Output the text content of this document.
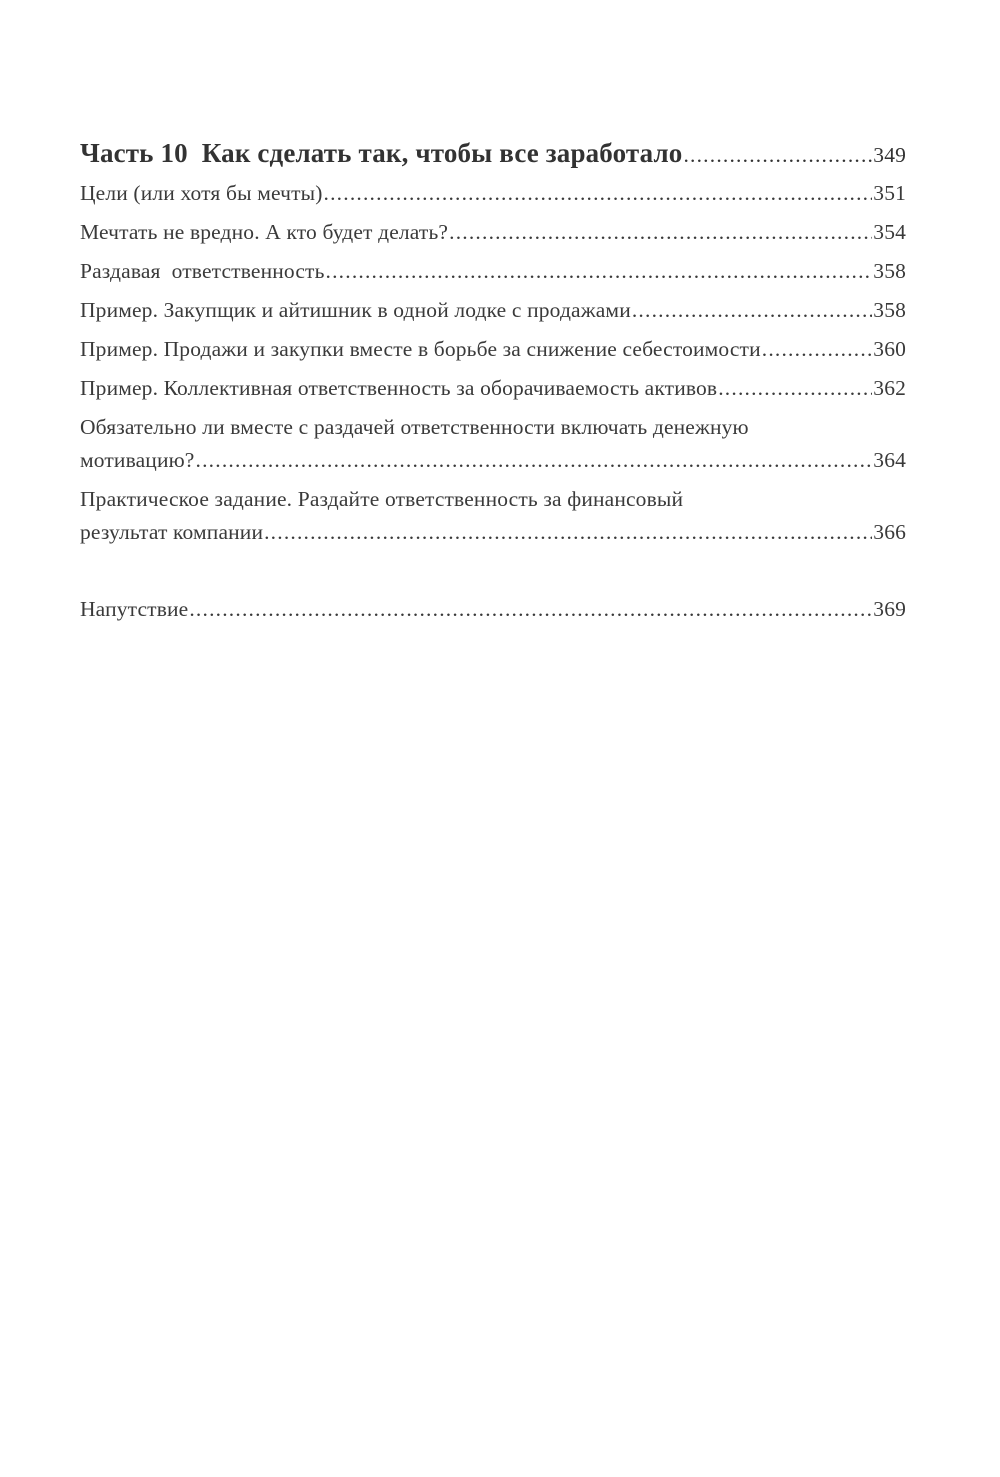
Часть 10 Как сделать так, чтобы все заработало .....	349
Цели (или хотя бы мечты) .....	351
Мечтать не вредно. А кто будет делать? .....	354
Раздавая  ответственность .....	358
Пример. Закупщик и айтишник в одной лодке с продажами .....	358
Пример. Продажи и закупки вместе в борьбе за снижение себестоимости .....	360
Пример. Коллективная ответственность за оборачиваемость активов .....	362
Обязательно ли вместе с раздачей ответственности включать денежную
мотивацию? .....	364
Практическое задание. Раздайте ответственность за финансовый
результат компании .....	366
Напутствие .....	369
